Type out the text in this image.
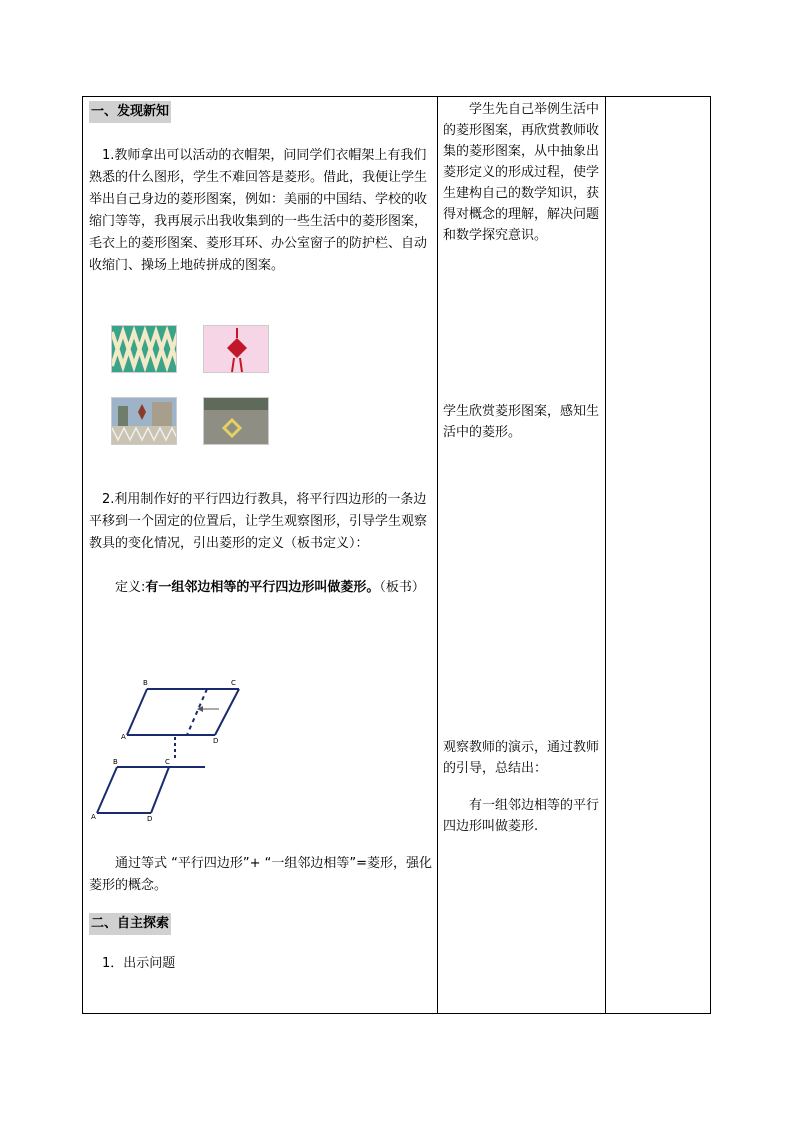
一、发现新知

1.教师拿出可以活动的衣帽架，问同学们衣帽架上有我们熟悉的什么图形，学生不难回答是菱形。借此，我便让学生举出自己身边的菱形图案，例如：美丽的中国结、学校的收缩门等等，我再展示出我收集到的一些生活中的菱形图案，毛衣上的菱形图案、菱形耳环、办公室窗子的防护栏、自动收缩门、操场上地砖拼成的图案。

2.利用制作好的平行四边行教具，将平行四边形的一条边平移到一个固定的位置后，让学生观察图形，引导学生观察教具的变化情况，引出菱形的定义（板书定义）：

定义:有一组邻边相等的平行四边形叫做菱形。（板书）

B	C
A	D
B	C
A	D

通过等式 “平行四边形”+ “一组邻边相等”=菱形，强化菱形的概念。

二、自主探索

1．出示问题

学生先自己举例生活中的菱形图案，再欣赏教师收集的菱形图案，从中抽象出菱形定义的形成过程，使学生建构自己的数学知识，获得对概念的理解，解决问题和数学探究意识。

学生欣赏菱形图案，感知生活中的菱形。

观察教师的演示，通过教师的引导，总结出：

有一组邻边相等的平行四边形叫做菱形.
